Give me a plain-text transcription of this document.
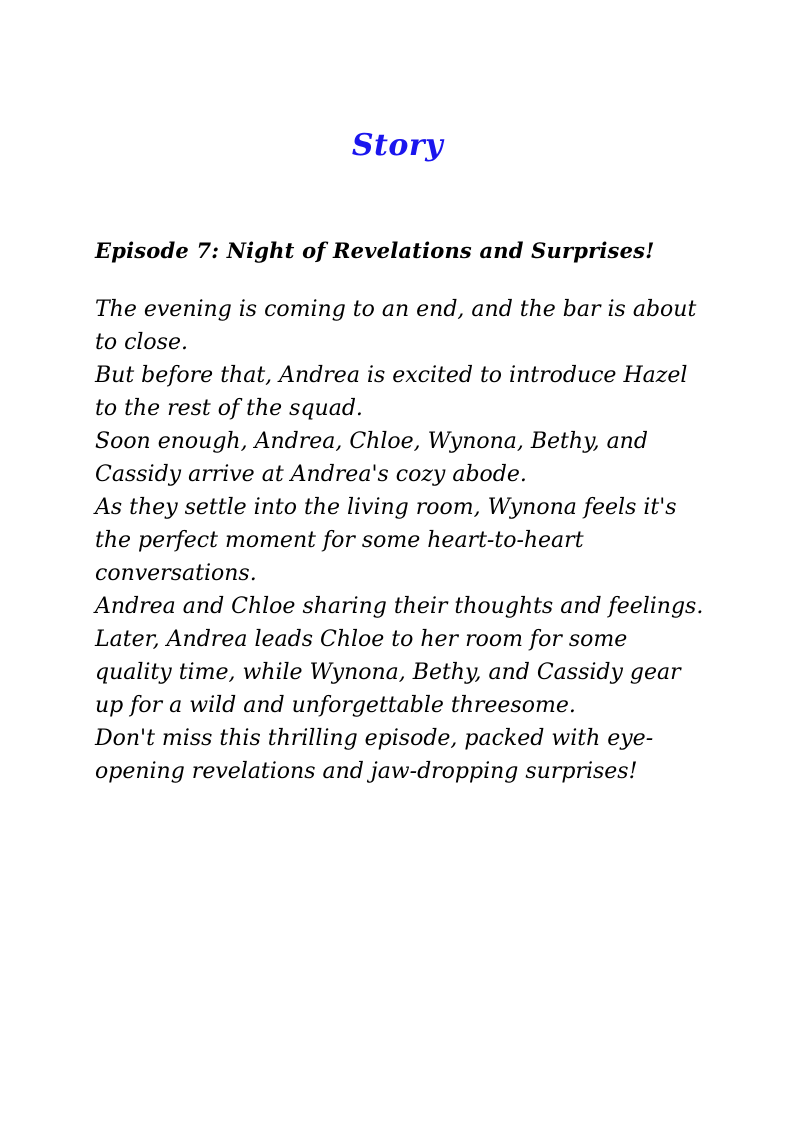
Story
Episode 7: Night of Revelations and Surprises!
The evening is coming to an end, and the bar is about to close.
But before that, Andrea is excited to introduce Hazel to the rest of the squad.
Soon enough, Andrea, Chloe, Wynona, Bethy, and Cassidy arrive at Andrea's cozy abode.
As they settle into the living room, Wynona feels it's the perfect moment for some heart-to-heart conversations.
Andrea and Chloe sharing their thoughts and feelings.
Later, Andrea leads Chloe to her room for some quality time, while Wynona, Bethy, and Cassidy gear up for a wild and unforgettable threesome.
Don't miss this thrilling episode, packed with eye-opening revelations and jaw-dropping surprises!
